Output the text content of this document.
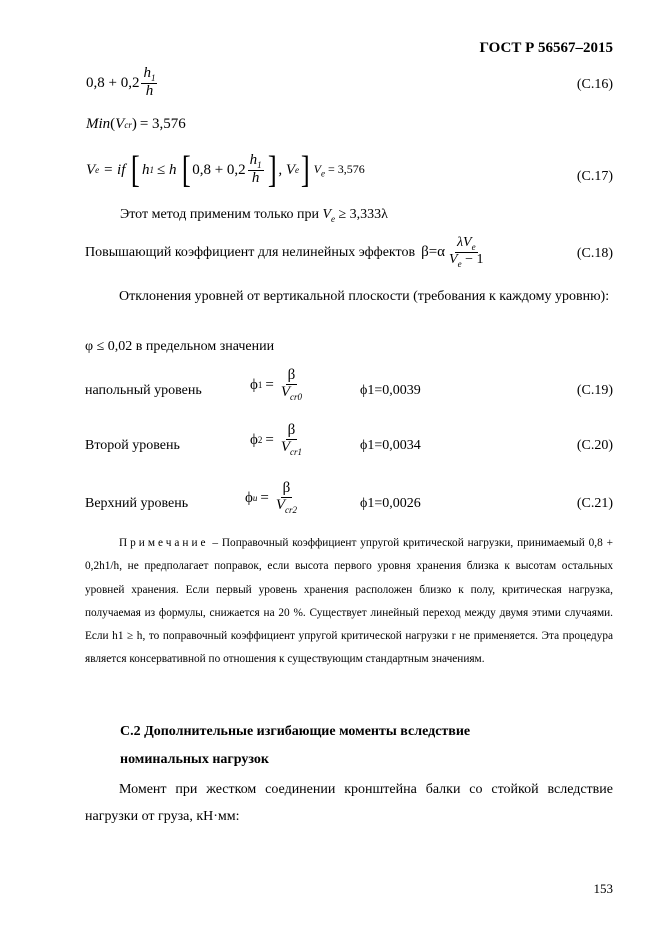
ГОСТ Р 56567–2015
$0,8 + 0,2 \frac{h_1}{h}$	(С.16)
Min ( V cr ) = 3,576
V e = if [ h 1 ≤ h [ $0,8 + 0,2 \frac{h_1}{h}$ ] , V e ] $V_e = 3,576$
(С.17)
Этот метод применим только при $V_e \ge 3,333\lambda$
Повышающий коэффициент для нелинейных эффектов $\beta=\alpha \frac{\lambda V_e}{V_e - 1}$	(С.18)
Отклонения уровней от вертикальной плоскости (требования к каждому уровню):
φ ≤ 0,02 в предельном значении
напольный уровень	ϕ $1 = \frac{\beta}{V_{cr0}}$	ϕ1=0,0039	(С.19)
Второй уровень	ϕ $2 = \frac{\beta}{V_{cr1}}$	ϕ1=0,0034	(С.20)
Верхний уровень	ϕ $u = \frac{\beta}{V_{cr2}}$	ϕ1=0,0026	(С.21)
Примечание – Поправочный коэффициент упругой критической нагрузки, принимаемый 0,8 + 0,2h1/h, не предполагает поправок, если высота первого уровня хранения близка к высотам остальных уровней хранения. Если первый уровень хранения расположен близко к полу, критическая нагрузка, получаемая из формулы, снижается на 20 %. Существует линейный переход между двумя этими случаями. Если h1 ≥ h, то поправочный коэффициент упругой критической нагрузки r не применяется. Эта процедура является консервативной по отношения к существующим стандартным значениям.
С.2 Дополнительные изгибающие моменты вследствие
номинальных нагрузок
Момент при жестком соединении кронштейна балки со стойкой вследствие нагрузки от груза, кН·мм:
153
